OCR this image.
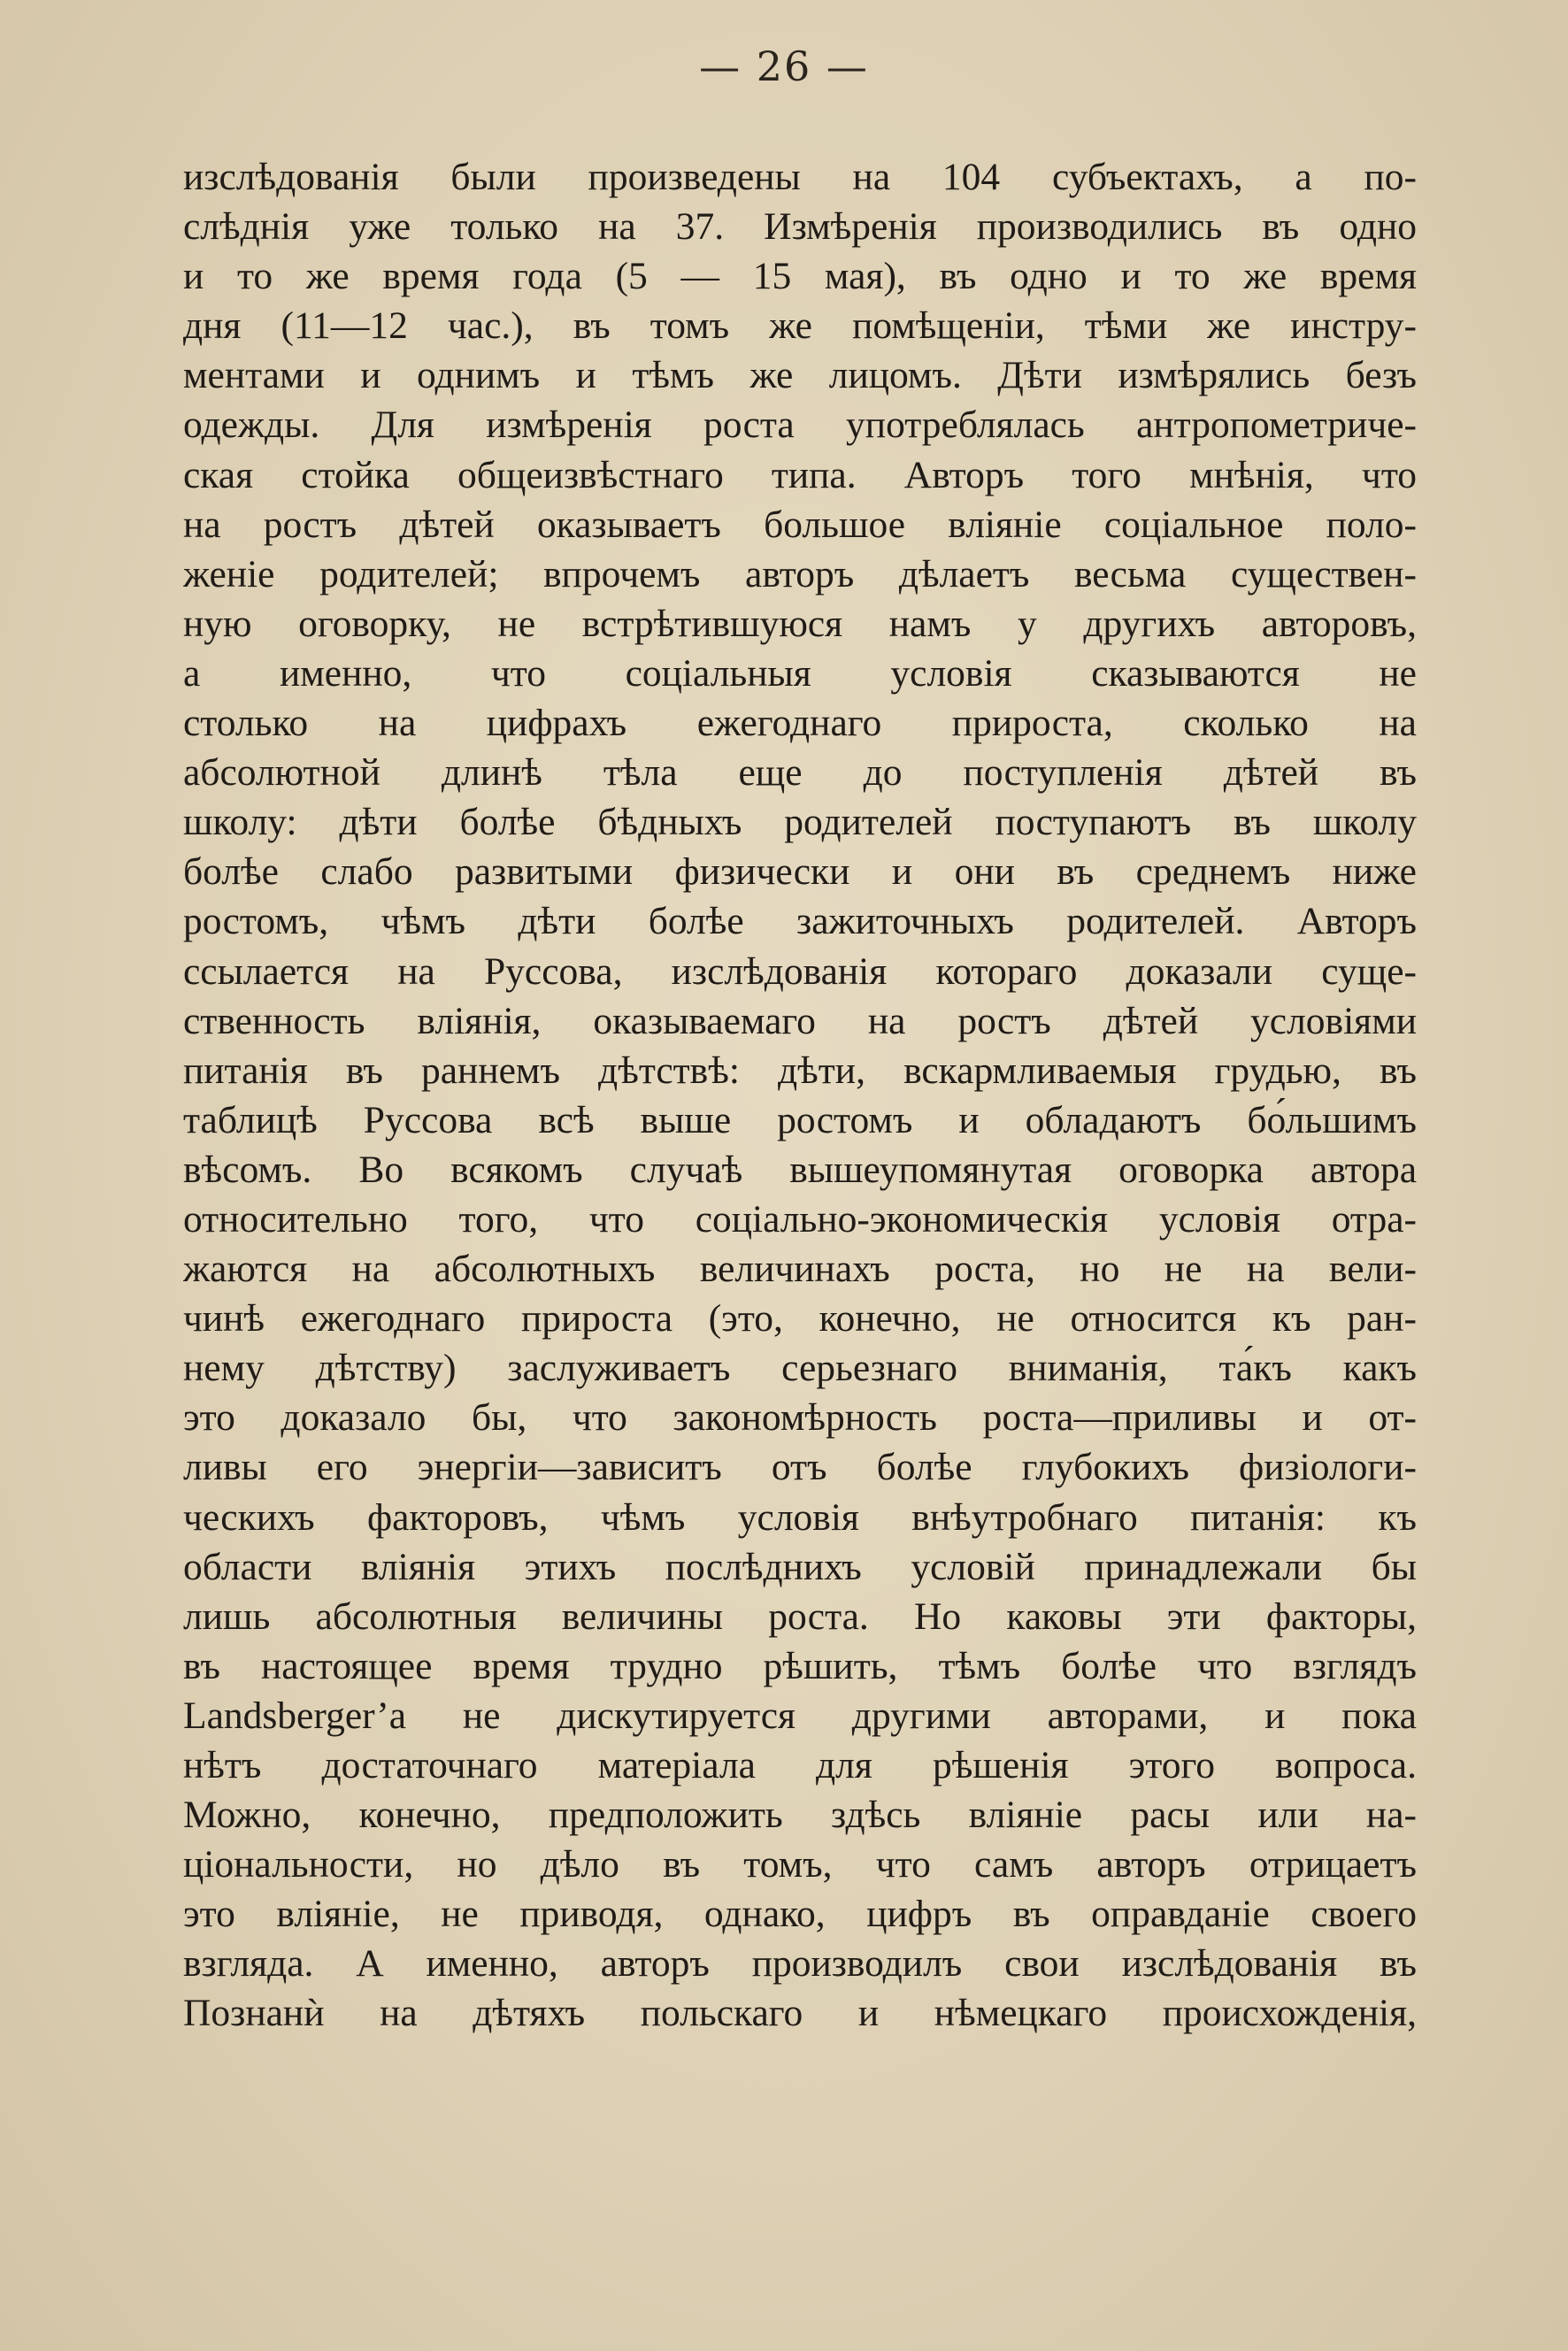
— 26 —
изслѣдованія были произведены на 104 субъектахъ, а по-
слѣднія уже только на 37. Измѣренія производились въ одно
и то же время года (5 — 15 мая), въ одно и то же время
дня (11—12 час.), въ томъ же помѣщеніи, тѣми же инстру-
ментами и однимъ и тѣмъ же лицомъ. Дѣти измѣрялись безъ
одежды. Для измѣренія роста употреблялась антропометриче-
ская стойка общеизвѣстнаго типа. Авторъ того мнѣнія, что
на ростъ дѣтей оказываетъ большое вліяніе соціальное поло-
женіе родителей; впрочемъ авторъ дѣлаетъ весьма существен-
ную оговорку, не встрѣтившуюся намъ у другихъ авторовъ,
а именно, что соціальныя условія сказываются не
столько на цифрахъ ежегоднаго прироста, сколько на
абсолютной длинѣ тѣла еще до поступленія дѣтей въ
школу: дѣти болѣе бѣдныхъ родителей поступаютъ въ школу
болѣе слабо развитыми физически и они въ среднемъ ниже
ростомъ, чѣмъ дѣти болѣе зажиточныхъ родителей. Авторъ
ссылается на Руссова, изслѣдованія котораго доказали суще-
ственность вліянія, оказываемаго на ростъ дѣтей условіями
питанія въ раннемъ дѣтствѣ: дѣти, вскармливаемыя грудью, въ
таблицѣ Руссова всѣ выше ростомъ и обладаютъ бо́льшимъ
вѣсомъ. Во всякомъ случаѣ вышеупомянутая оговорка автора
относительно того, что соціально-экономическія условія отра-
жаются на абсолютныхъ величинахъ роста, но не на вели-
чинѣ ежегоднаго прироста (это, конечно, не относится къ ран-
нему дѣтству) заслуживаетъ серьезнаго вниманія, та́къ какъ
это доказало бы, что закономѣрность роста—приливы и от-
ливы его энергіи—зависитъ отъ болѣе глубокихъ физіологи-
ческихъ факторовъ, чѣмъ условія внѣутробнаго питанія: къ
области вліянія этихъ послѣднихъ условій принадлежали бы
лишь абсолютныя величины роста. Но каковы эти факторы,
въ настоящее время трудно рѣшить, тѣмъ болѣе что взглядъ
Landsberger’а не дискутируется другими авторами, и пока
нѣтъ достаточнаго матеріала для рѣшенія этого вопроса.
Можно, конечно, предположить здѣсь вліяніе расы или на-
ціональности, но дѣло въ томъ, что самъ авторъ отрицаетъ
это вліяніе, не приводя, однако, цифръ въ оправданіе своего
взгляда. А именно, авторъ производилъ свои изслѣдованія въ
Познанѝ на дѣтяхъ польскаго и нѣмецкаго происхожденія,
